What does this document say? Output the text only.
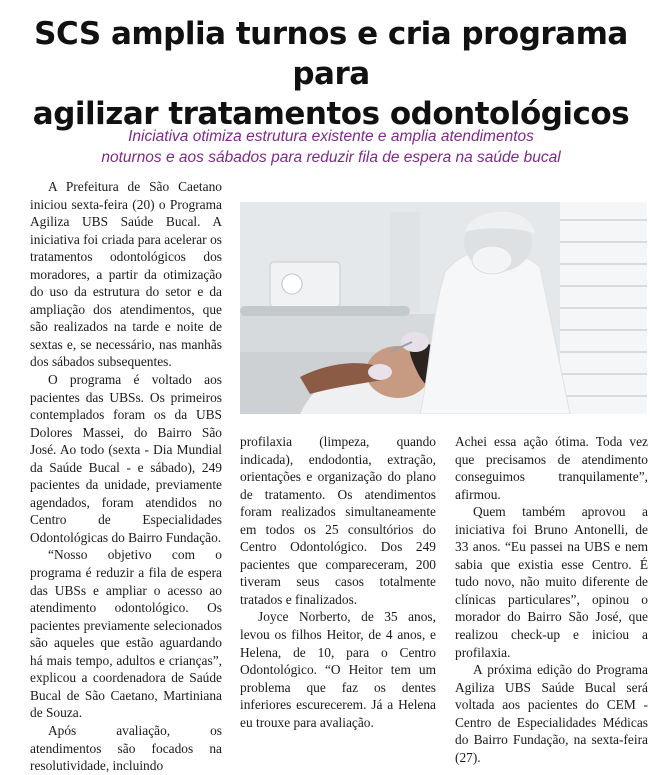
SCS amplia turnos e cria programa para
agilizar tratamentos odontológicos
Iniciativa otimiza estrutura existente e amplia atendimentos
noturnos e aos sábados para reduzir fila de espera na saúde bucal

A Prefeitura de São Caetano iniciou sexta-feira (20) o Programa Agiliza UBS Saúde Bucal. A iniciativa foi criada para acelerar os tratamentos odontológicos dos moradores, a partir da otimização do uso da estrutura do setor e da ampliação dos atendimentos, que são realizados na tarde e noite de sextas e, se necessário, nas manhãs dos sábados subsequentes.

O programa é voltado aos pacientes das UBSs. Os primeiros contemplados foram os da UBS Dolores Massei, do Bairro São José. Ao todo (sexta - Dia Mundial da Saúde Bucal - e sábado), 249 pacientes da unidade, previamente agendados, foram atendidos no Centro de Especialidades Odontológicas do Bairro Fundação.

“Nosso objetivo com o programa é reduzir a fila de espera das UBSs e ampliar o acesso ao atendimento odontológico. Os pacientes previamente selecionados são aqueles que estão aguardando há mais tempo, adultos e crianças”, explicou a coordenadora de Saúde Bucal de São Caetano, Martiniana de Souza.

Após avaliação, os atendimentos são focados na resolutividade, incluindo

profilaxia (limpeza, quando indicada), endodontia, extração, orientações e organização do plano de tratamento. Os atendimentos foram realizados simultaneamente em todos os 25 consultórios do Centro Odontológico. Dos 249 pacientes que compareceram, 200 tiveram seus casos totalmente tratados e finalizados.

Joyce Norberto, de 35 anos, levou os filhos Heitor, de 4 anos, e Helena, de 10, para o Centro Odontológico. “O Heitor tem um problema que faz os dentes inferiores escurecerem. Já a Helena eu trouxe para avaliação.

Achei essa ação ótima. Toda vez que precisamos de atendimento conseguimos tranquilamente”, afirmou.

Quem também aprovou a iniciativa foi Bruno Antonelli, de 33 anos. “Eu passei na UBS e nem sabia que existia esse Centro. É tudo novo, não muito diferente de clínicas particulares”, opinou o morador do Bairro São José, que realizou check-up e iniciou a profilaxia.

A próxima edição do Programa Agiliza UBS Saúde Bucal será voltada aos pacientes do CEM -Centro de Especialidades Médicas do Bairro Fundação, na sexta-feira (27).
